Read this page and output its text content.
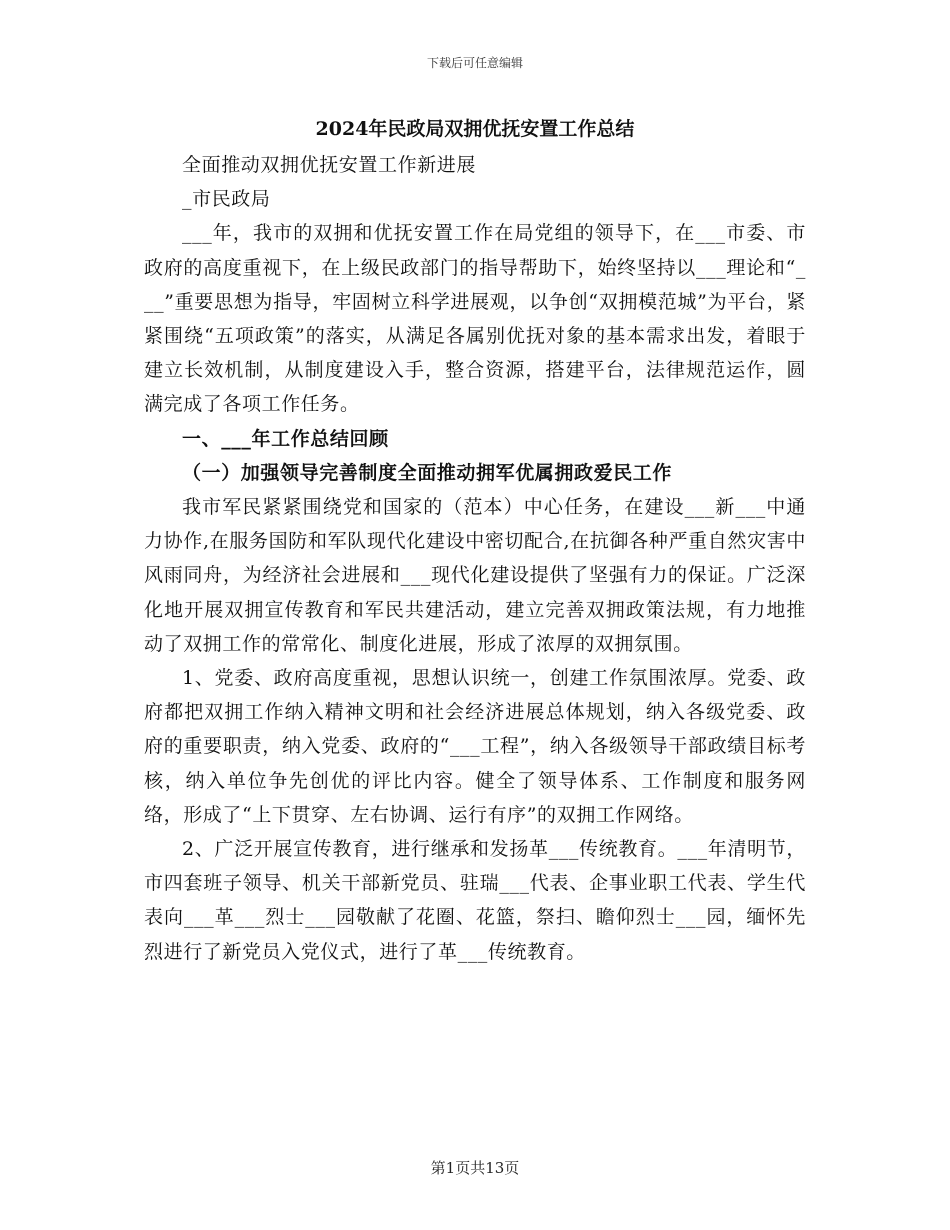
下载后可任意编辑
2024年民政局双拥优抚安置工作总结

全面推动双拥优抚安置工作新进展

_市民政局

___年，我市的双拥和优抚安置工作在局党组的领导下，在___市委、市政府的高度重视下，在上级民政部门的指导帮助下，始终坚持以___理论和“___”重要思想为指导，牢固树立科学进展观，以争创“双拥模范城”为平台，紧紧围绕“五项政策”的落实，从满足各属别优抚对象的基本需求出发，着眼于建立长效机制，从制度建设入手，整合资源，搭建平台，法律规范运作，圆满完成了各项工作任务。

一、___年工作总结回顾

（一）加强领导完善制度全面推动拥军优属拥政爱民工作

我市军民紧紧围绕党和国家的（范本）中心任务，在建设___新___中通力协作,在服务国防和军队现代化建设中密切配合,在抗御各种严重自然灾害中风雨同舟，为经济社会进展和___现代化建设提供了坚强有力的保证。广泛深化地开展双拥宣传教育和军民共建活动，建立完善双拥政策法规，有力地推动了双拥工作的常常化、制度化进展，形成了浓厚的双拥氛围。

1、党委、政府高度重视，思想认识统一，创建工作氛围浓厚。党委、政府都把双拥工作纳入精神文明和社会经济进展总体规划，纳入各级党委、政府的重要职责，纳入党委、政府的“___工程”，纳入各级领导干部政绩目标考核，纳入单位争先创优的评比内容。健全了领导体系、工作制度和服务网络，形成了“上下贯穿、左右协调、运行有序”的双拥工作网络。

2、广泛开展宣传教育，进行继承和发扬革___传统教育。___年清明节，市四套班子领导、机关干部新党员、驻瑞___代表、企事业职工代表、学生代表向___革___烈士___园敬献了花圈、花篮，祭扫、瞻仰烈士___园，缅怀先烈进行了新党员入党仪式，进行了革___传统教育。

第1页共13页
